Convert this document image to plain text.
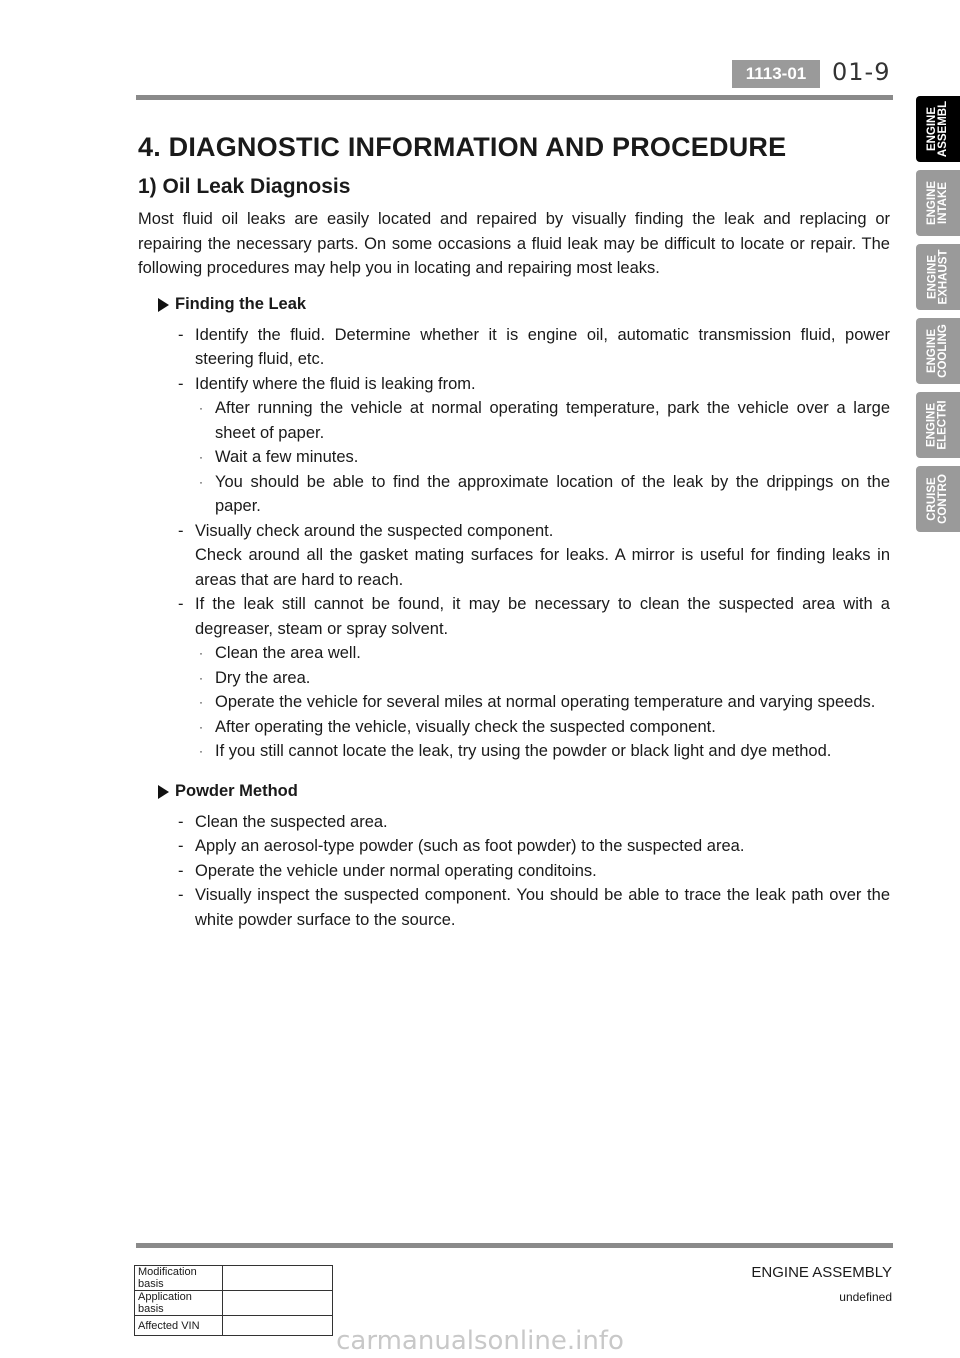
1113-01	01-9
ENGINE
ASSEMBL
ENGINE
INTAKE
ENGINE
EXHAUST
ENGINE
COOLING
ENGINE
ELECTRI
CRUISE
CONTRO
4. DIAGNOSTIC INFORMATION AND PROCEDURE
1) Oil Leak Diagnosis

Most fluid oil leaks are easily located and repaired by visually finding the leak and replacing or repairing the necessary parts. On some occasions a fluid leak may be difficult to locate or repair. The following procedures may help you in locating and repairing most leaks.

Finding the Leak
- Identify the fluid. Determine whether it is engine oil, automatic transmission fluid, power steering fluid, etc.
- Identify where the fluid is leaking from.
· After running the vehicle at normal operating temperature, park the vehicle over a large sheet of paper.
· Wait a few minutes.
· You should be able to find the approximate location of the leak by the drippings on the paper.
- Visually check around the suspected component.
Check around all the gasket mating surfaces for leaks. A mirror is useful for finding leaks in areas that are hard to reach.
- If the leak still cannot be found, it may be necessary to clean the suspected area with a degreaser, steam or spray solvent.
· Clean the area well.
· Dry the area.
· Operate the vehicle for several miles at normal operating temperature and varying speeds.
· After operating the vehicle, visually check the suspected component.
· If you still cannot locate the leak, try using the powder or black light and dye method.
Powder Method
- Clean the suspected area.
- Apply an aerosol-type powder (such as foot powder) to the suspected area.
- Operate the vehicle under normal operating conditoins.
- Visually inspect the suspected component. You should be able to trace the leak path over the white powder surface to the source.
ENGINE ASSEMBLY
undefined
Modification basis	
Application basis	
Affected VIN	
carmanualsonline.info
